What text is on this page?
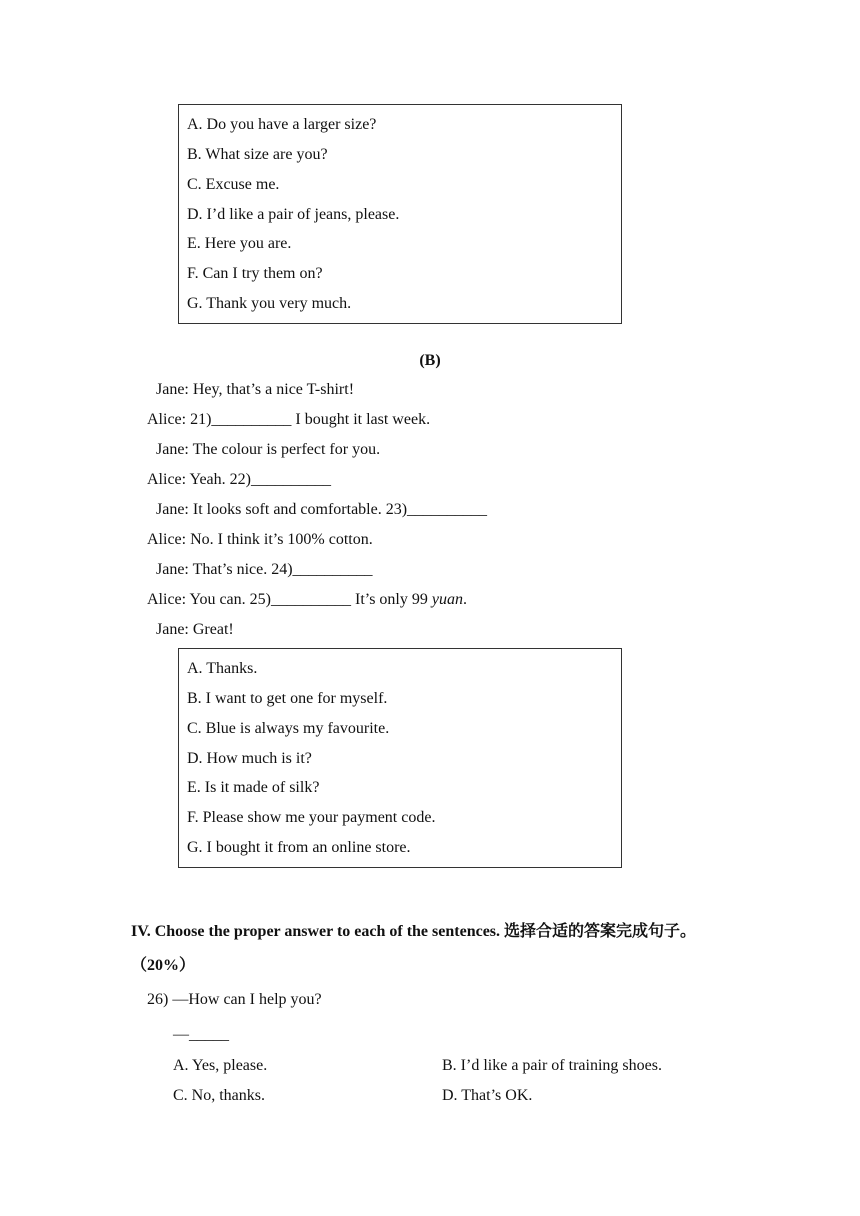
A. Do you have a larger size?
B. What size are you?
C. Excuse me.
D. I’d like a pair of jeans, please.
E. Here you are.
F. Can I try them on?
G. Thank you very much.
(B)
Jane: Hey, that’s a nice T-shirt!
Alice: 21)__________ I bought it last week.
Jane: The colour is perfect for you.
Alice: Yeah. 22)__________
Jane: It looks soft and comfortable. 23)__________
Alice: No. I think it’s 100% cotton.
Jane: That’s nice. 24)__________
Alice: You can. 25)__________ It’s only 99 yuan.
Jane: Great!
A. Thanks.
B. I want to get one for myself.
C. Blue is always my favourite.
D. How much is it?
E. Is it made of silk?
F. Please show me your payment code.
G. I bought it from an online store.
IV. Choose the proper answer to each of the sentences. 选择合适的答案完成句子。
（20%）
26) —How can I help you?
—_____
A. Yes, please.	B. I’d like a pair of training shoes.
C. No, thanks.	D. That’s OK.
